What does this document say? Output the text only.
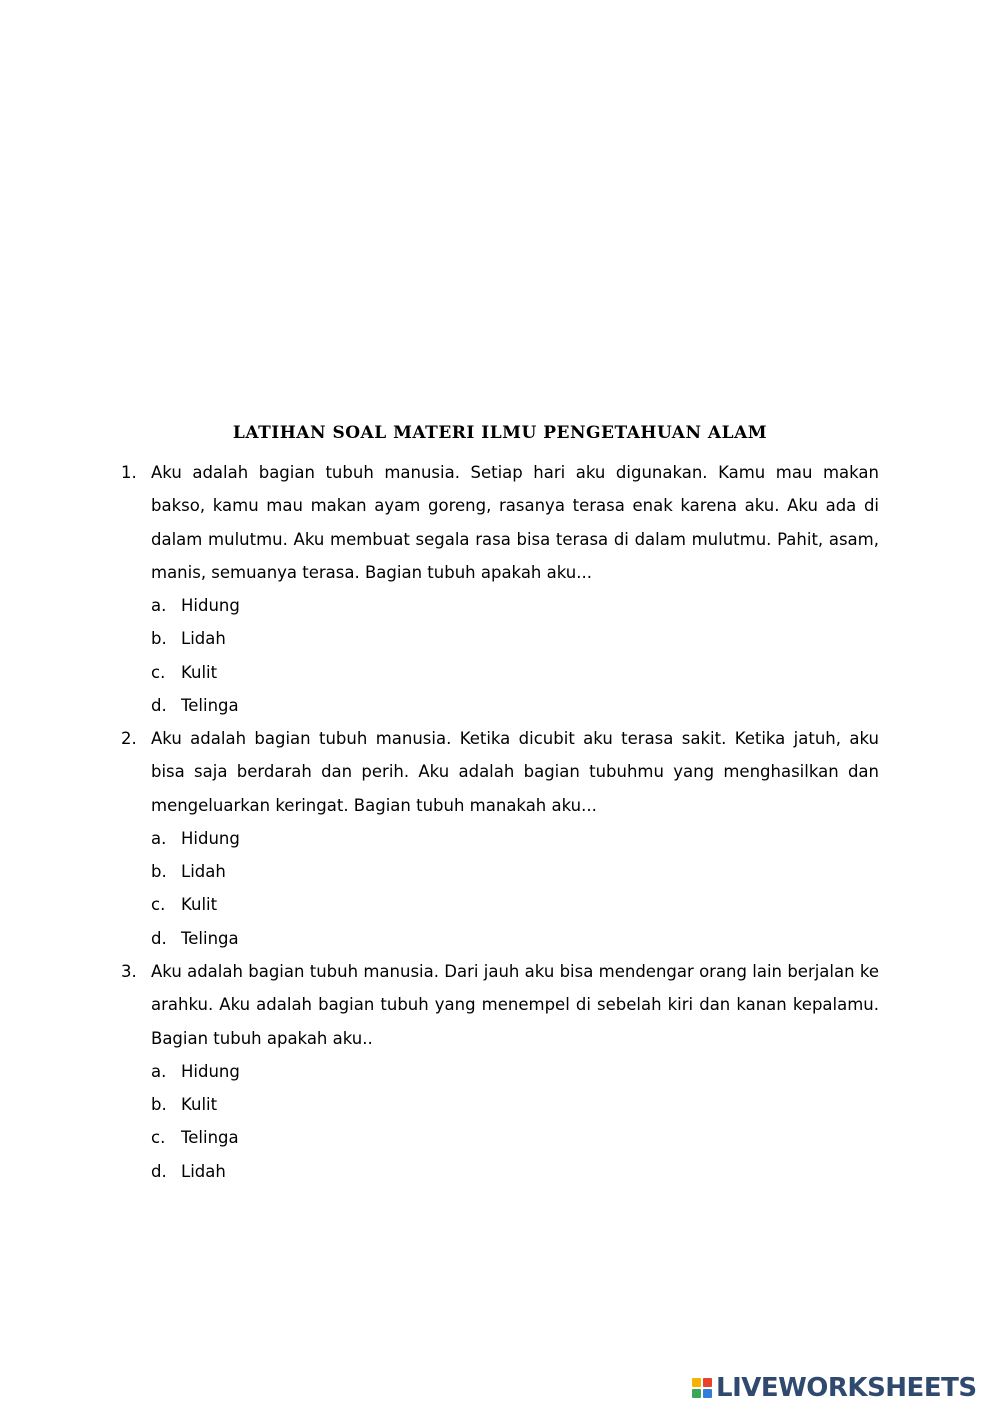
LATIHAN SOAL MATERI ILMU PENGETAHUAN ALAM
1. Aku adalah bagian tubuh manusia. Setiap hari aku digunakan. Kamu mau makan bakso, kamu mau makan ayam goreng, rasanya terasa enak karena aku. Aku ada di dalam mulutmu. Aku membuat segala rasa bisa terasa di dalam mulutmu. Pahit, asam, manis, semuanya terasa. Bagian tubuh apakah aku...
a. Hidung
b. Lidah
c. Kulit
d. Telinga
2. Aku adalah bagian tubuh manusia. Ketika dicubit aku terasa sakit. Ketika jatuh, aku bisa saja berdarah dan perih. Aku adalah bagian tubuhmu yang menghasilkan dan mengeluarkan keringat. Bagian tubuh manakah aku...
a. Hidung
b. Lidah
c. Kulit
d. Telinga
3. Aku adalah bagian tubuh manusia. Dari jauh aku bisa mendengar orang lain berjalan ke arahku. Aku adalah bagian tubuh yang menempel di sebelah kiri dan kanan kepalamu. Bagian tubuh apakah aku..
a. Hidung
b. Kulit
c. Telinga
d. Lidah
LIVEWORKSHEETS
